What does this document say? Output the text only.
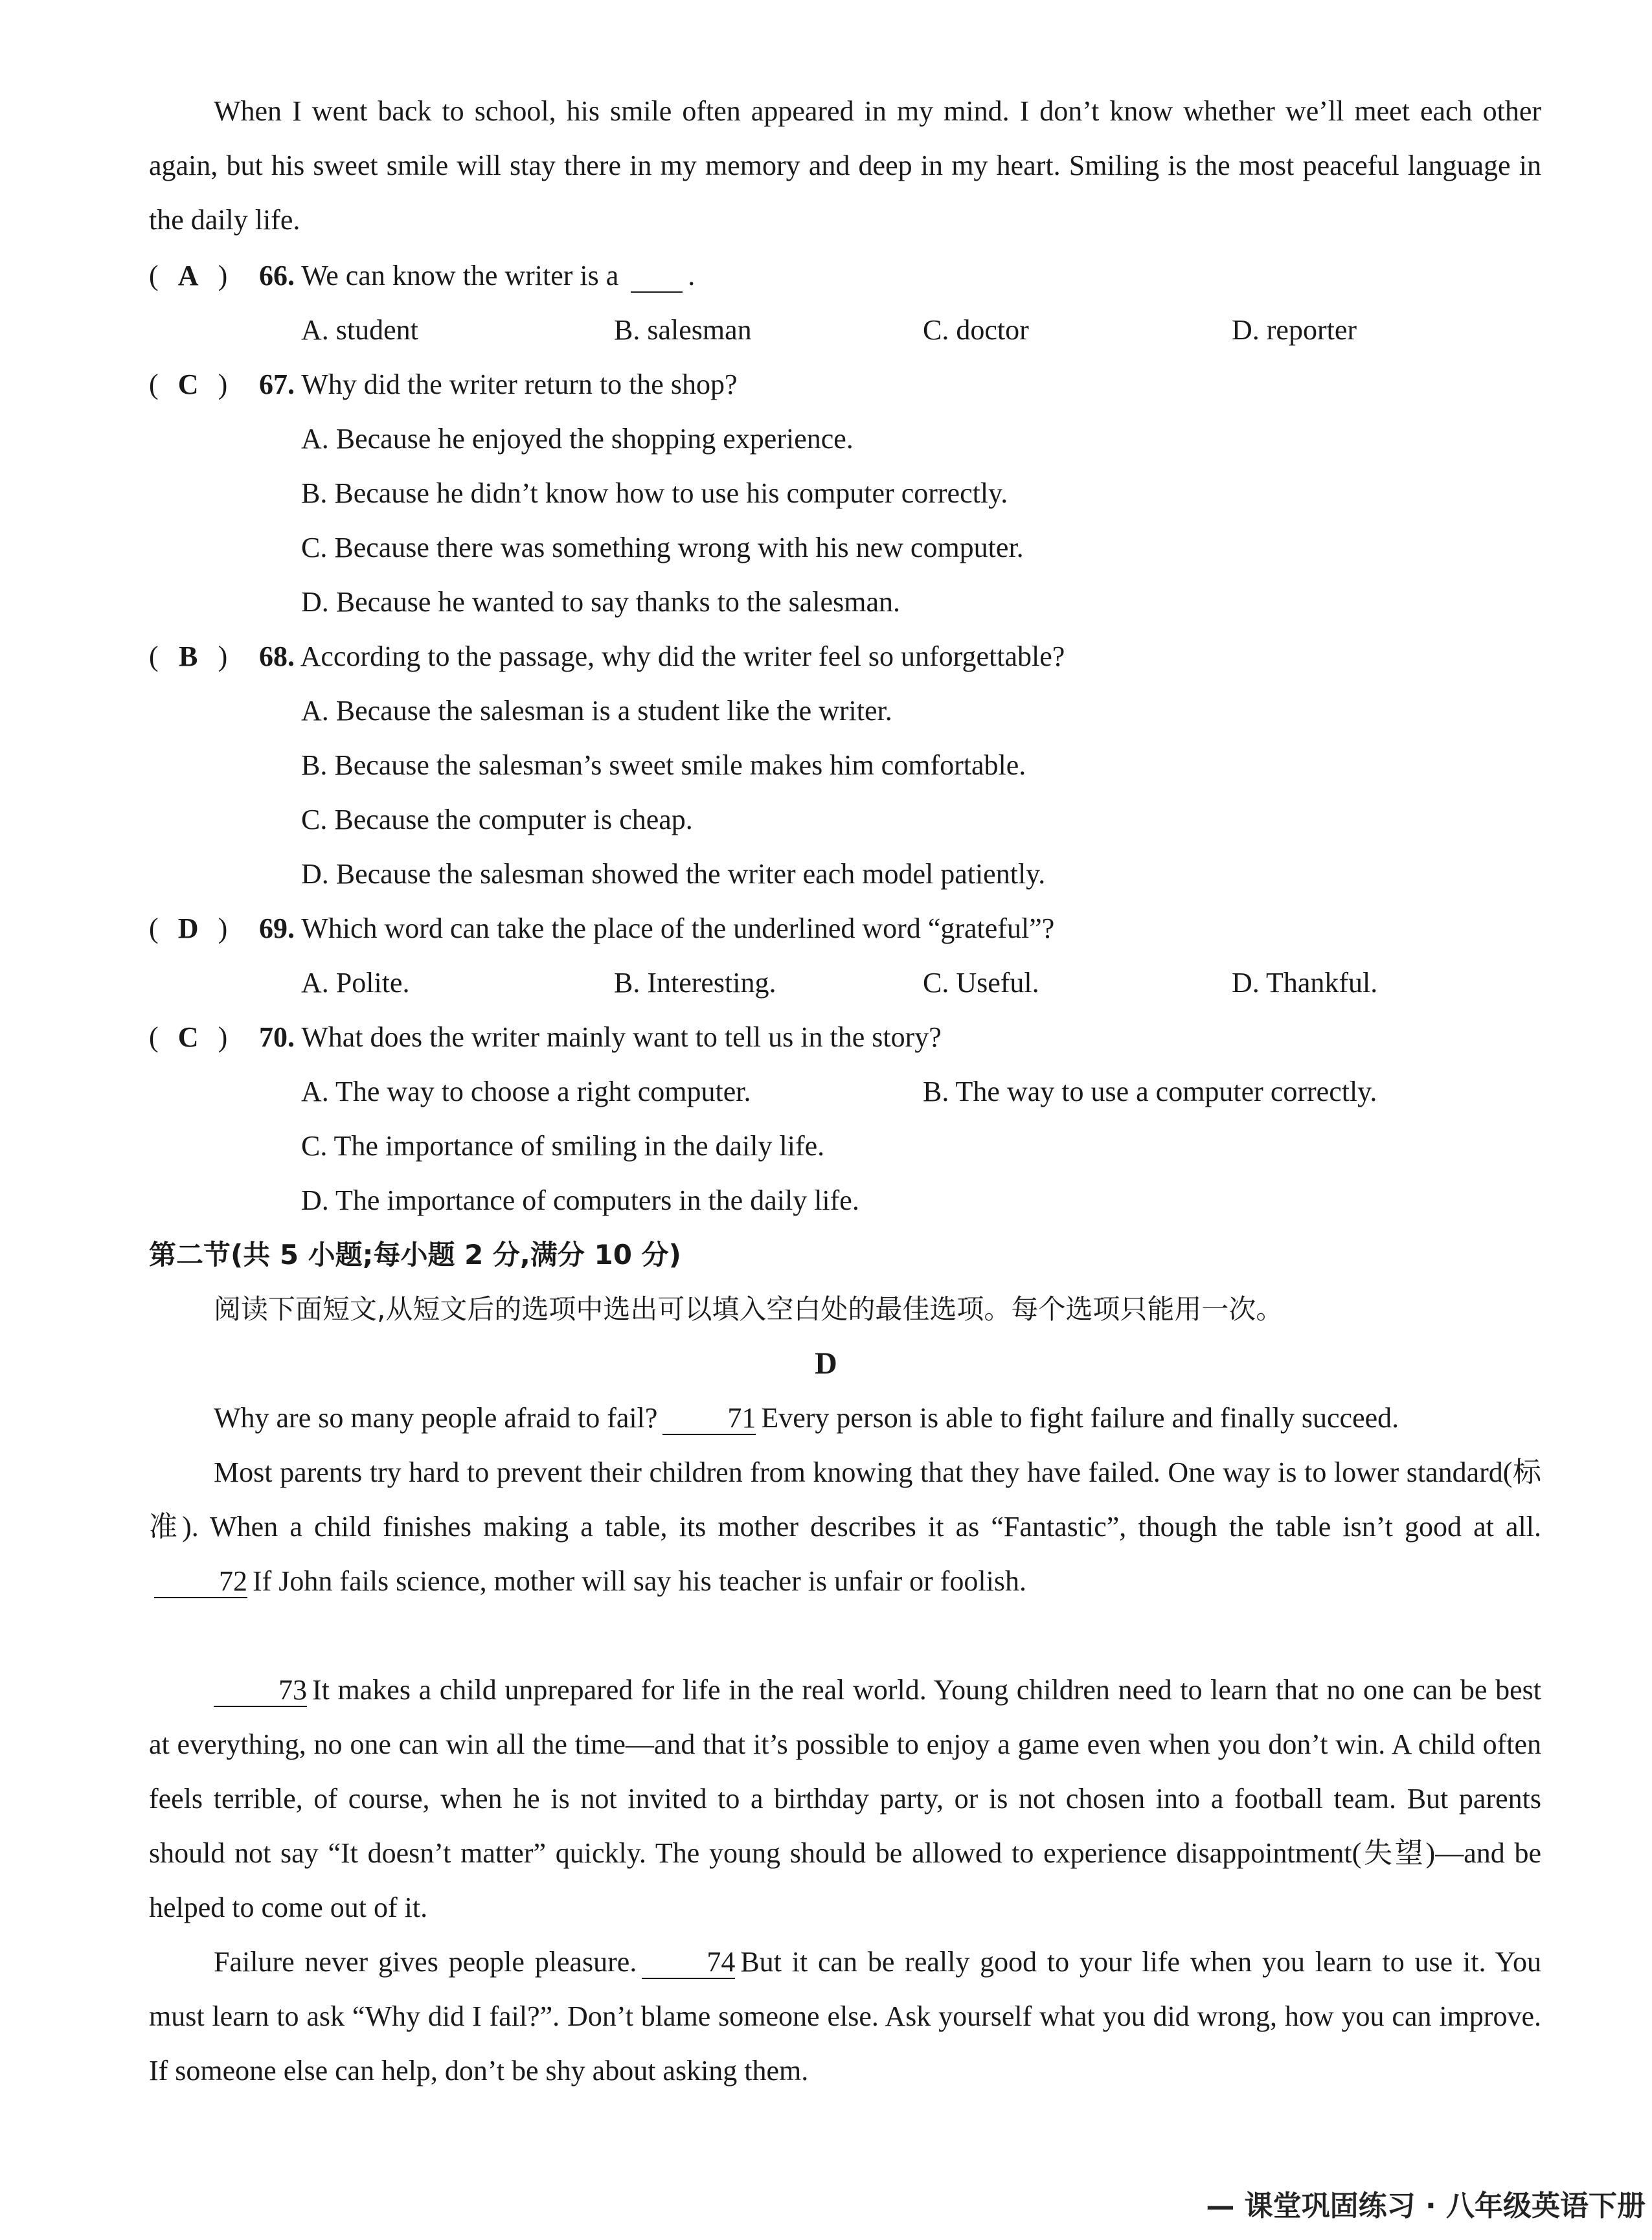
When I went back to school, his smile often appeared in my mind. I don’t know whether we’ll meet each other again, but his sweet smile will stay there in my memory and deep in my heart. Smiling is the most peaceful language in the daily life.

( A ) 66. We can know the writer is a .
A. student	B. salesman	C. doctor	D. reporter
( C ) 67. Why did the writer return to the shop?
A. Because he enjoyed the shopping experience.
B. Because he didn’t know how to use his computer correctly.
C. Because there was something wrong with his new computer.
D. Because he wanted to say thanks to the salesman.
( B ) 68. According to the passage, why did the writer feel so unforgettable?
A. Because the salesman is a student like the writer.
B. Because the salesman’s sweet smile makes him comfortable.
C. Because the computer is cheap.
D. Because the salesman showed the writer each model patiently.
( D ) 69. Which word can take the place of the underlined word “grateful”?
A. Polite.	B. Interesting.	C. Useful.	D. Thankful.
( C ) 70. What does the writer mainly want to tell us in the story?
A. The way to choose a right computer.	B. The way to use a computer correctly.
C. The importance of smiling in the daily life.
D. The importance of computers in the daily life.
第二节(共 5 小题;每小题 2 分,满分 10 分)
阅读下面短文,从短文后的选项中选出可以填入空白处的最佳选项。每个选项只能用一次。
D

Why are so many people afraid to fail? 71 Every person is able to fight failure and finally succeed.

Most parents try hard to prevent their children from knowing that they have failed. One way is to lower standard(标准). When a child finishes making a table, its mother describes it as “Fantastic”, though the table isn’t good at all.72 If John fails science, mother will say his teacher is unfair or foolish.

73 It makes a child unprepared for life in the real world. Young children need to learn that no one can be best at everything, no one can win all the time—and that it’s possible to enjoy a game even when you don’t win. A child often feels terrible, of course, when he is not invited to a birthday party, or is not chosen into a football team. But parents should not say “It doesn’t matter” quickly. The young should be allowed to experience disappointment(失望)—and be helped to come out of it.

Failure never gives people pleasure. 74 But it can be really good to your life when you learn to use it. You must learn to ask “Why did I fail?”. Don’t blame someone else. Ask yourself what you did wrong, how you can improve. If someone else can help, don’t be shy about asking them.

— 课堂巩固练习 · 八年级英语下册
